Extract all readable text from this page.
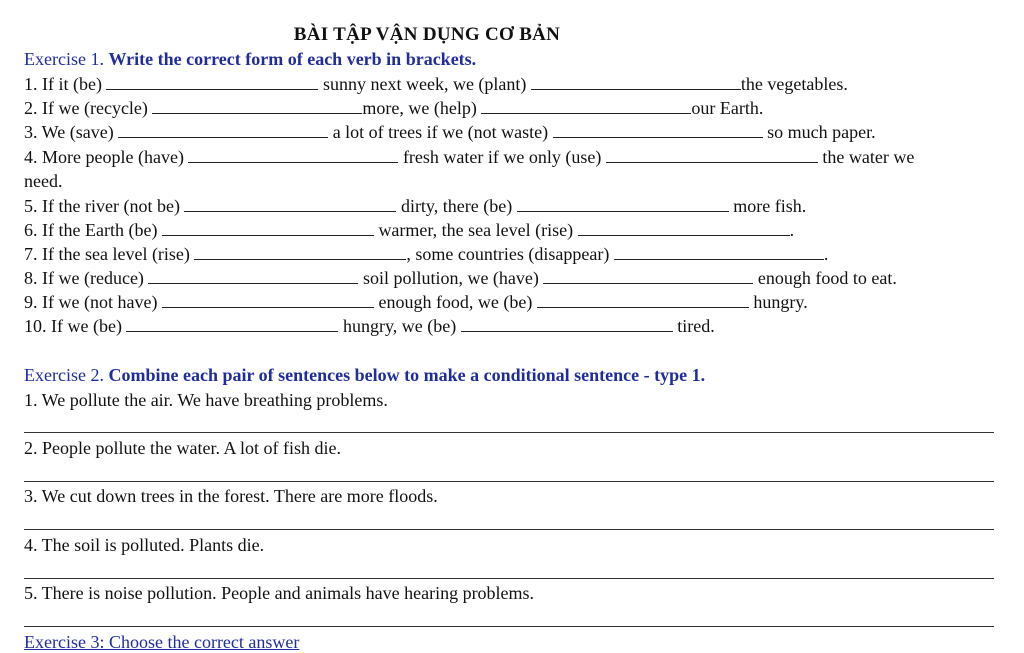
BÀI TẬP VẬN DỤNG CƠ BẢN
Exercise 1. Write the correct form of each verb in brackets.
1. If it (be)	sunny next week, we (plant)	the vegetables.
2. If we (recycle)	more, we (help)	our Earth.
3. We (save)	a lot of trees if we (not waste)	so much paper.
4. More people (have)	fresh water if we only (use)	the water we
need.
5. If the river (not be)	dirty, there (be)	more fish.
6. If the Earth (be)	warmer, the sea level (rise)	.
7. If the sea level (rise)	, some countries (disappear)	.
8. If we (reduce)	soil pollution, we (have)	enough food to eat.
9. If we (not have)	enough food, we (be)	hungry.
10. If we (be)	hungry, we (be)	tired.
Exercise 2. Combine each pair of sentences below to make a conditional sentence - type 1.
1. We pollute the air. We have breathing problems.
2. People pollute the water. A lot of fish die.
3. We cut down trees in the forest. There are more floods.
4. The soil is polluted. Plants die.
5. There is noise pollution. People and animals have hearing problems.
Exercise 3: Choose the correct answer
